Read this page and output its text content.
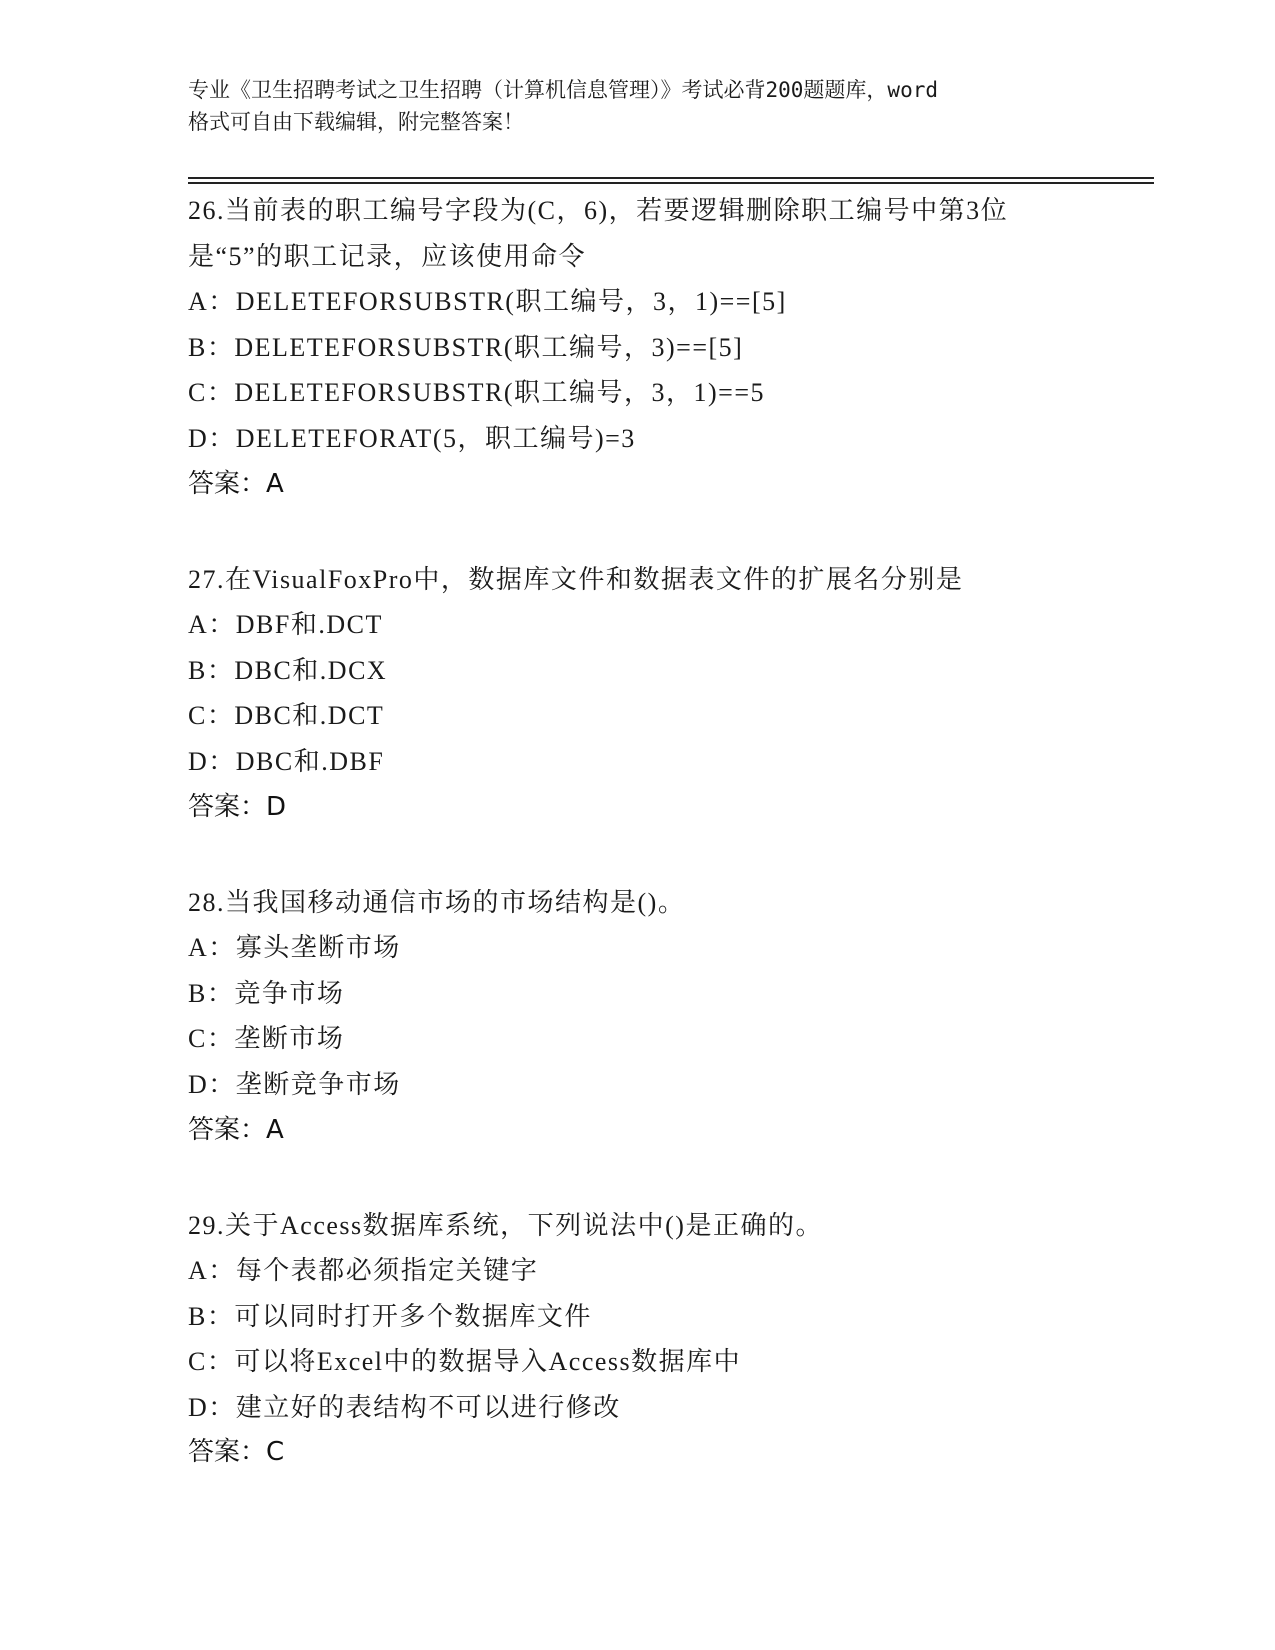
专业《卫生招聘考试之卫生招聘（计算机信息管理）》考试必背200题题库，word
格式可自由下载编辑，附完整答案！
26.当前表的职工编号字段为(C，6)，若要逻辑删除职工编号中第3位
是“5”的职工记录，应该使用命令
A：DELETEFORSUBSTR(职工编号，3，1)==[5]
B：DELETEFORSUBSTR(职工编号，3)==[5]
C：DELETEFORSUBSTR(职工编号，3，1)==5
D：DELETEFORAT(5，职工编号)=3
答案：A
27.在VisualFoxPro中，数据库文件和数据表文件的扩展名分别是
A：DBF和.DCT
B：DBC和.DCX
C：DBC和.DCT
D：DBC和.DBF
答案：D
28.当我国移动通信市场的市场结构是()。
A：寡头垄断市场
B：竞争市场
C：垄断市场
D：垄断竞争市场
答案：A
29.关于Access数据库系统，下列说法中()是正确的。
A：每个表都必须指定关键字
B：可以同时打开多个数据库文件
C：可以将Excel中的数据导入Access数据库中
D：建立好的表结构不可以进行修改
答案：C
